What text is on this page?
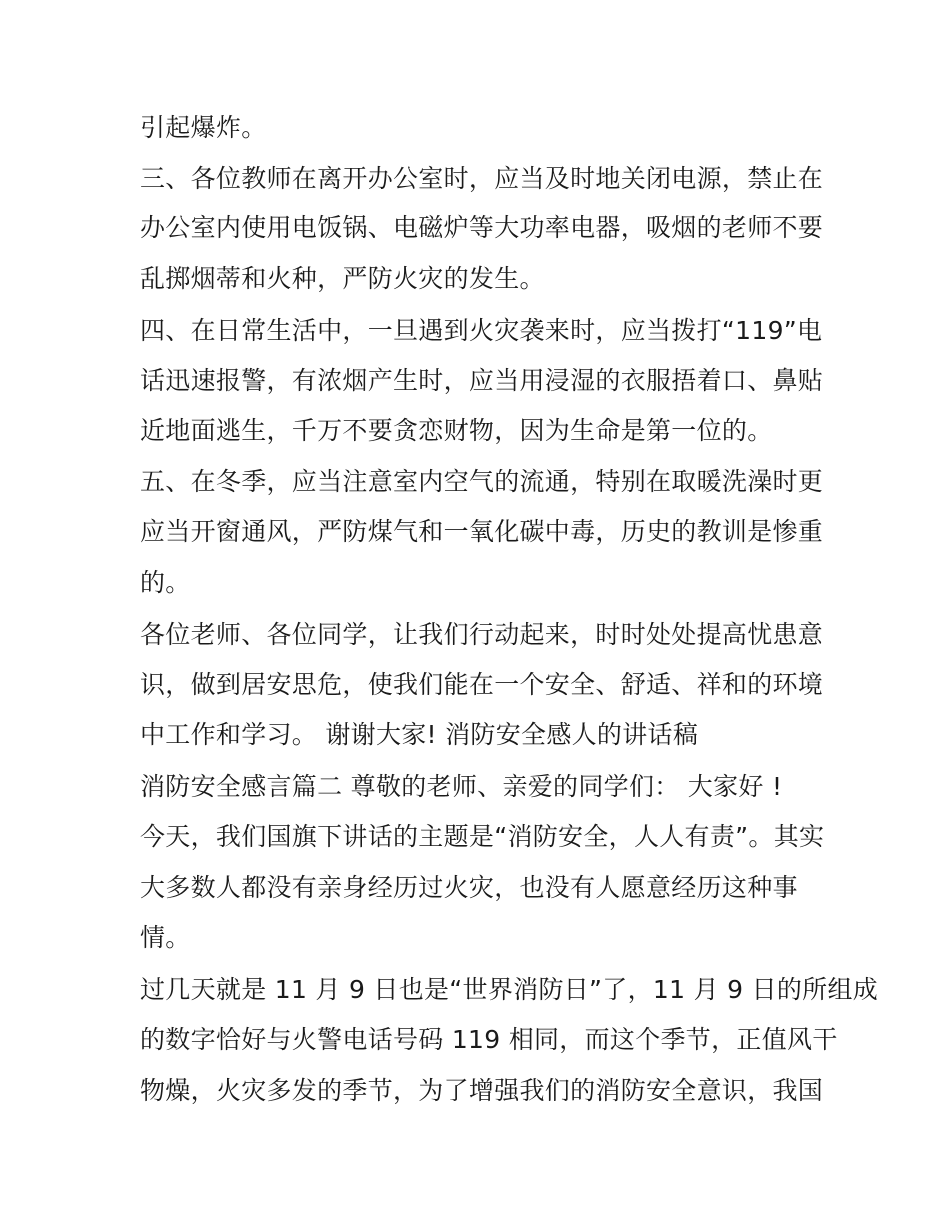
引起爆炸。
三、各位教师在离开办公室时，应当及时地关闭电源，禁止在
办公室内使用电饭锅、电磁炉等大功率电器，吸烟的老师不要
乱掷烟蒂和火种，严防火灾的发生。
四、在日常生活中，一旦遇到火灾袭来时，应当拨打“119”电
话迅速报警，有浓烟产生时，应当用浸湿的衣服捂着口、鼻贴
近地面逃生，千万不要贪恋财物，因为生命是第一位的。
五、在冬季，应当注意室内空气的流通，特别在取暖洗澡时更
应当开窗通风，严防煤气和一氧化碳中毒，历史的教训是惨重
的。
各位老师、各位同学，让我们行动起来，时时处处提高忧患意
识，做到居安思危，使我们能在一个安全、舒适、祥和的环境
中工作和学习。 谢谢大家! 消防安全感人的讲话稿
消防安全感言篇二 尊敬的老师、亲爱的同学们： 大家好 !
今天，我们国旗下讲话的主题是“消防安全，人人有责”。其实
大多数人都没有亲身经历过火灾，也没有人愿意经历这种事
情。
过几天就是 11 月 9 日也是“世界消防日”了，11 月 9 日的所组成
的数字恰好与火警电话号码 119 相同，而这个季节，正值风干
物燥，火灾多发的季节，为了增强我们的消防安全意识，我国
